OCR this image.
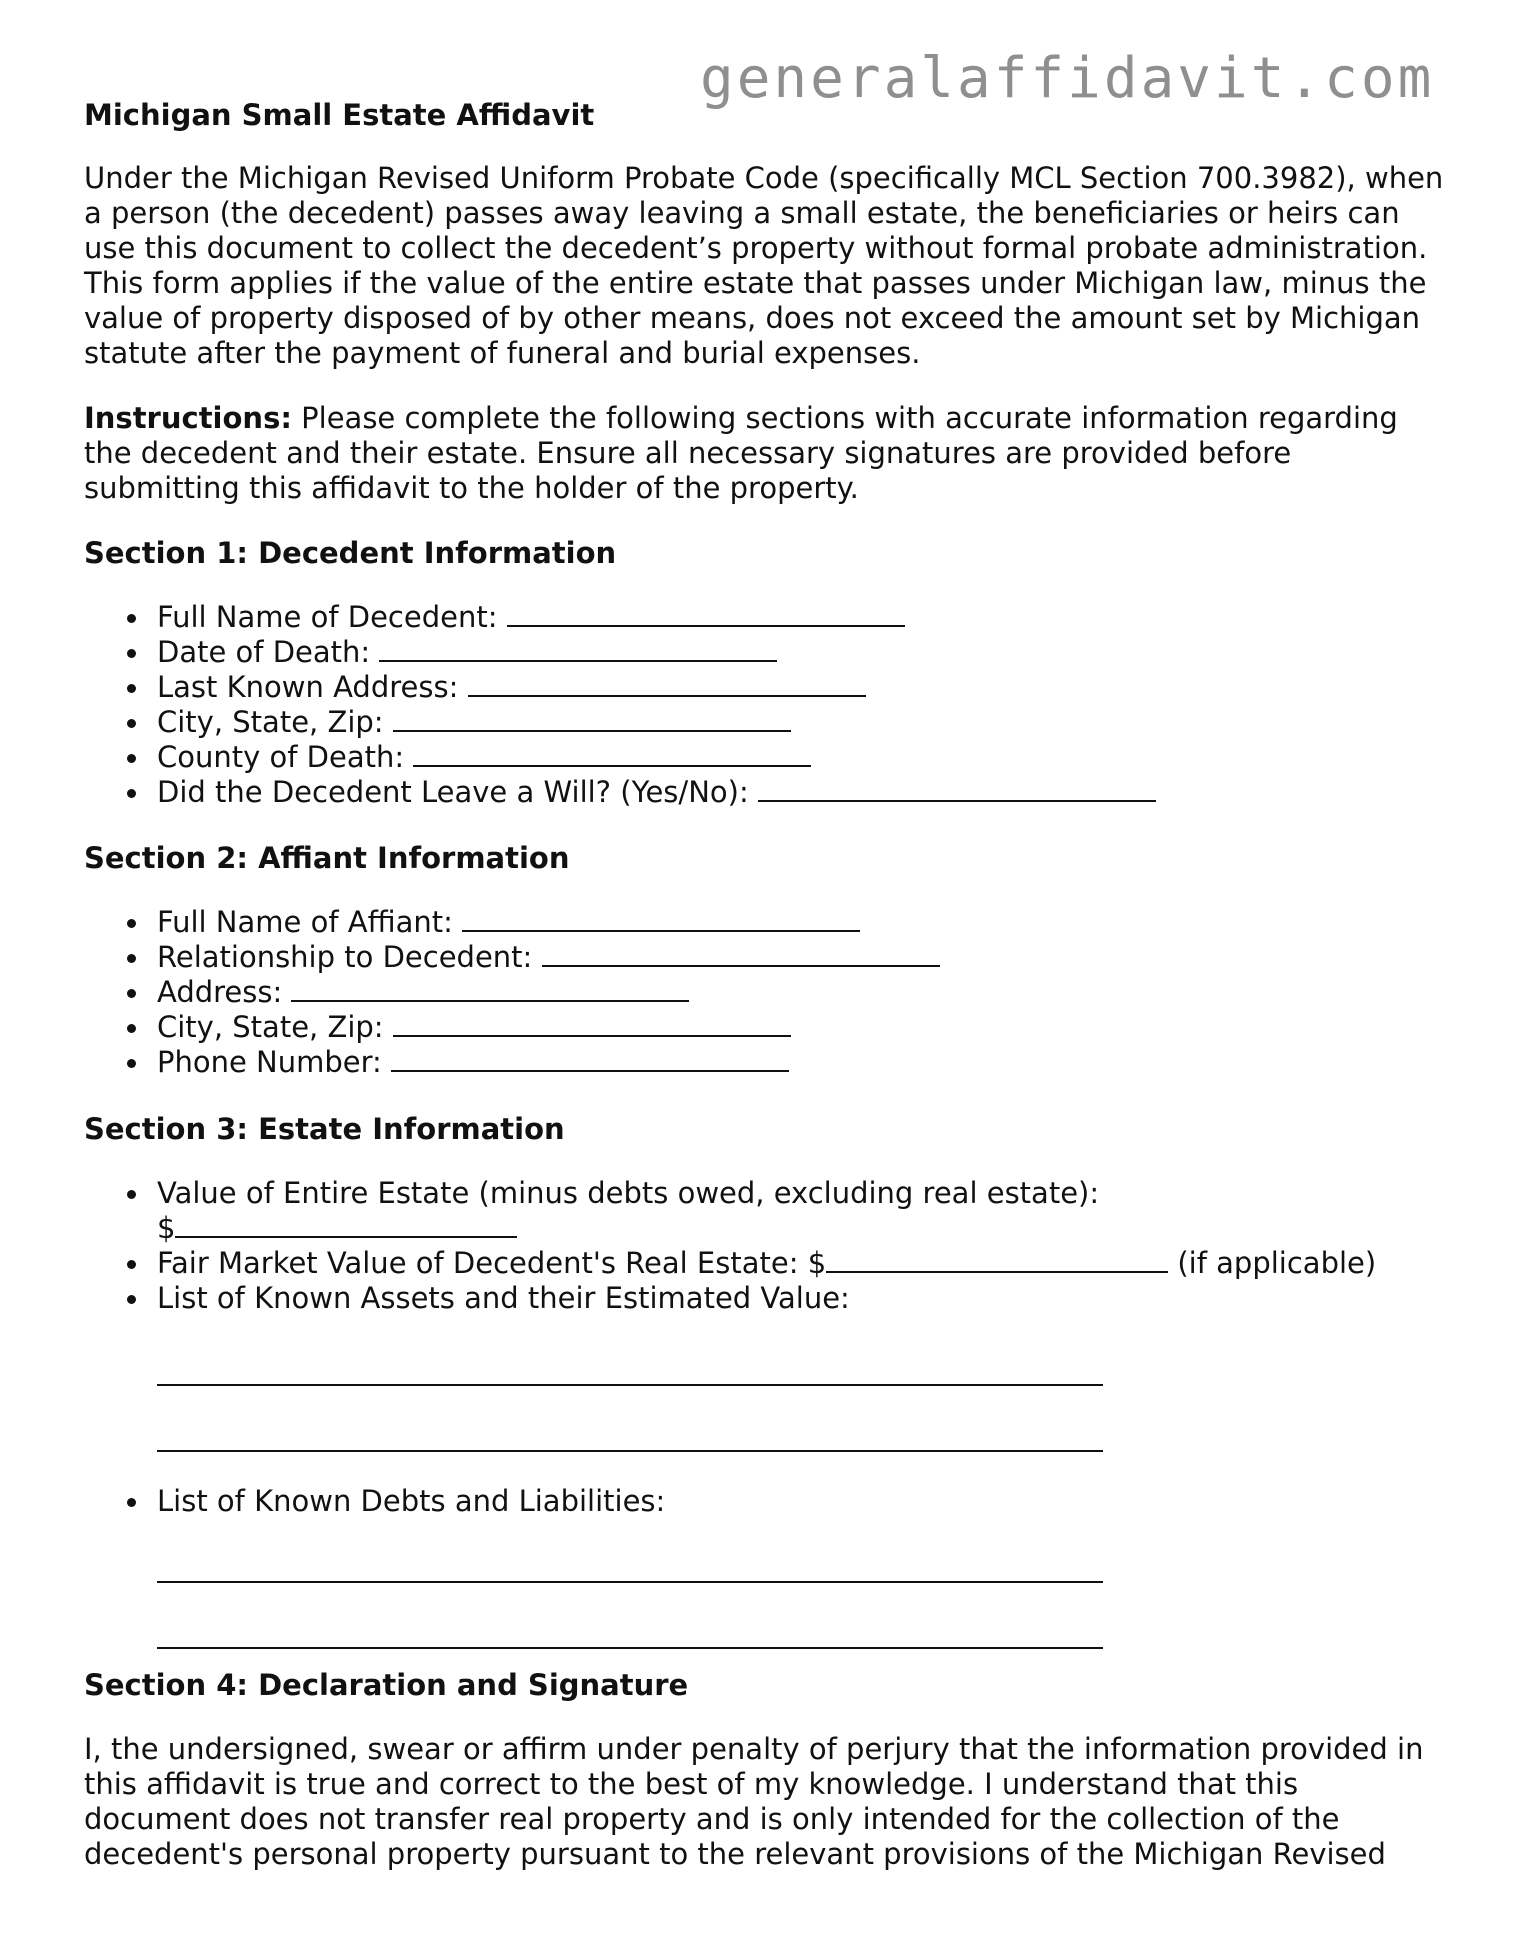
generalaffidavit.com
Michigan Small Estate Affidavit

Under the Michigan Revised Uniform Probate Code (specifically MCL Section 700.3982), when a person (the decedent) passes away leaving a small estate, the beneficiaries or heirs can use this document to collect the decedent’s property without formal probate administration. This form applies if the value of the entire estate that passes under Michigan law, minus the value of property disposed of by other means, does not exceed the amount set by Michigan statute after the payment of funeral and burial expenses.

Instructions: Please complete the following sections with accurate information regarding the decedent and their estate. Ensure all necessary signatures are provided before submitting this affidavit to the holder of the property.

Section 1: Decedent Information
Full Name of Decedent:
Date of Death:
Last Known Address:
City, State, Zip:
County of Death:
Did the Decedent Leave a Will? (Yes/No):
Section 2: Affiant Information
Full Name of Affiant:
Relationship to Decedent:
Address:
City, State, Zip:
Phone Number:
Section 3: Estate Information
Value of Entire Estate (minus debts owed, excluding real estate):
$
Fair Market Value of Decedent's Real Estate: $	(if applicable)
List of Known Assets and their Estimated Value:
List of Known Debts and Liabilities:
Section 4: Declaration and Signature

I, the undersigned, swear or affirm under penalty of perjury that the information provided in this affidavit is true and correct to the best of my knowledge. I understand that this document does not transfer real property and is only intended for the collection of the decedent's personal property pursuant to the relevant provisions of the Michigan Revised
